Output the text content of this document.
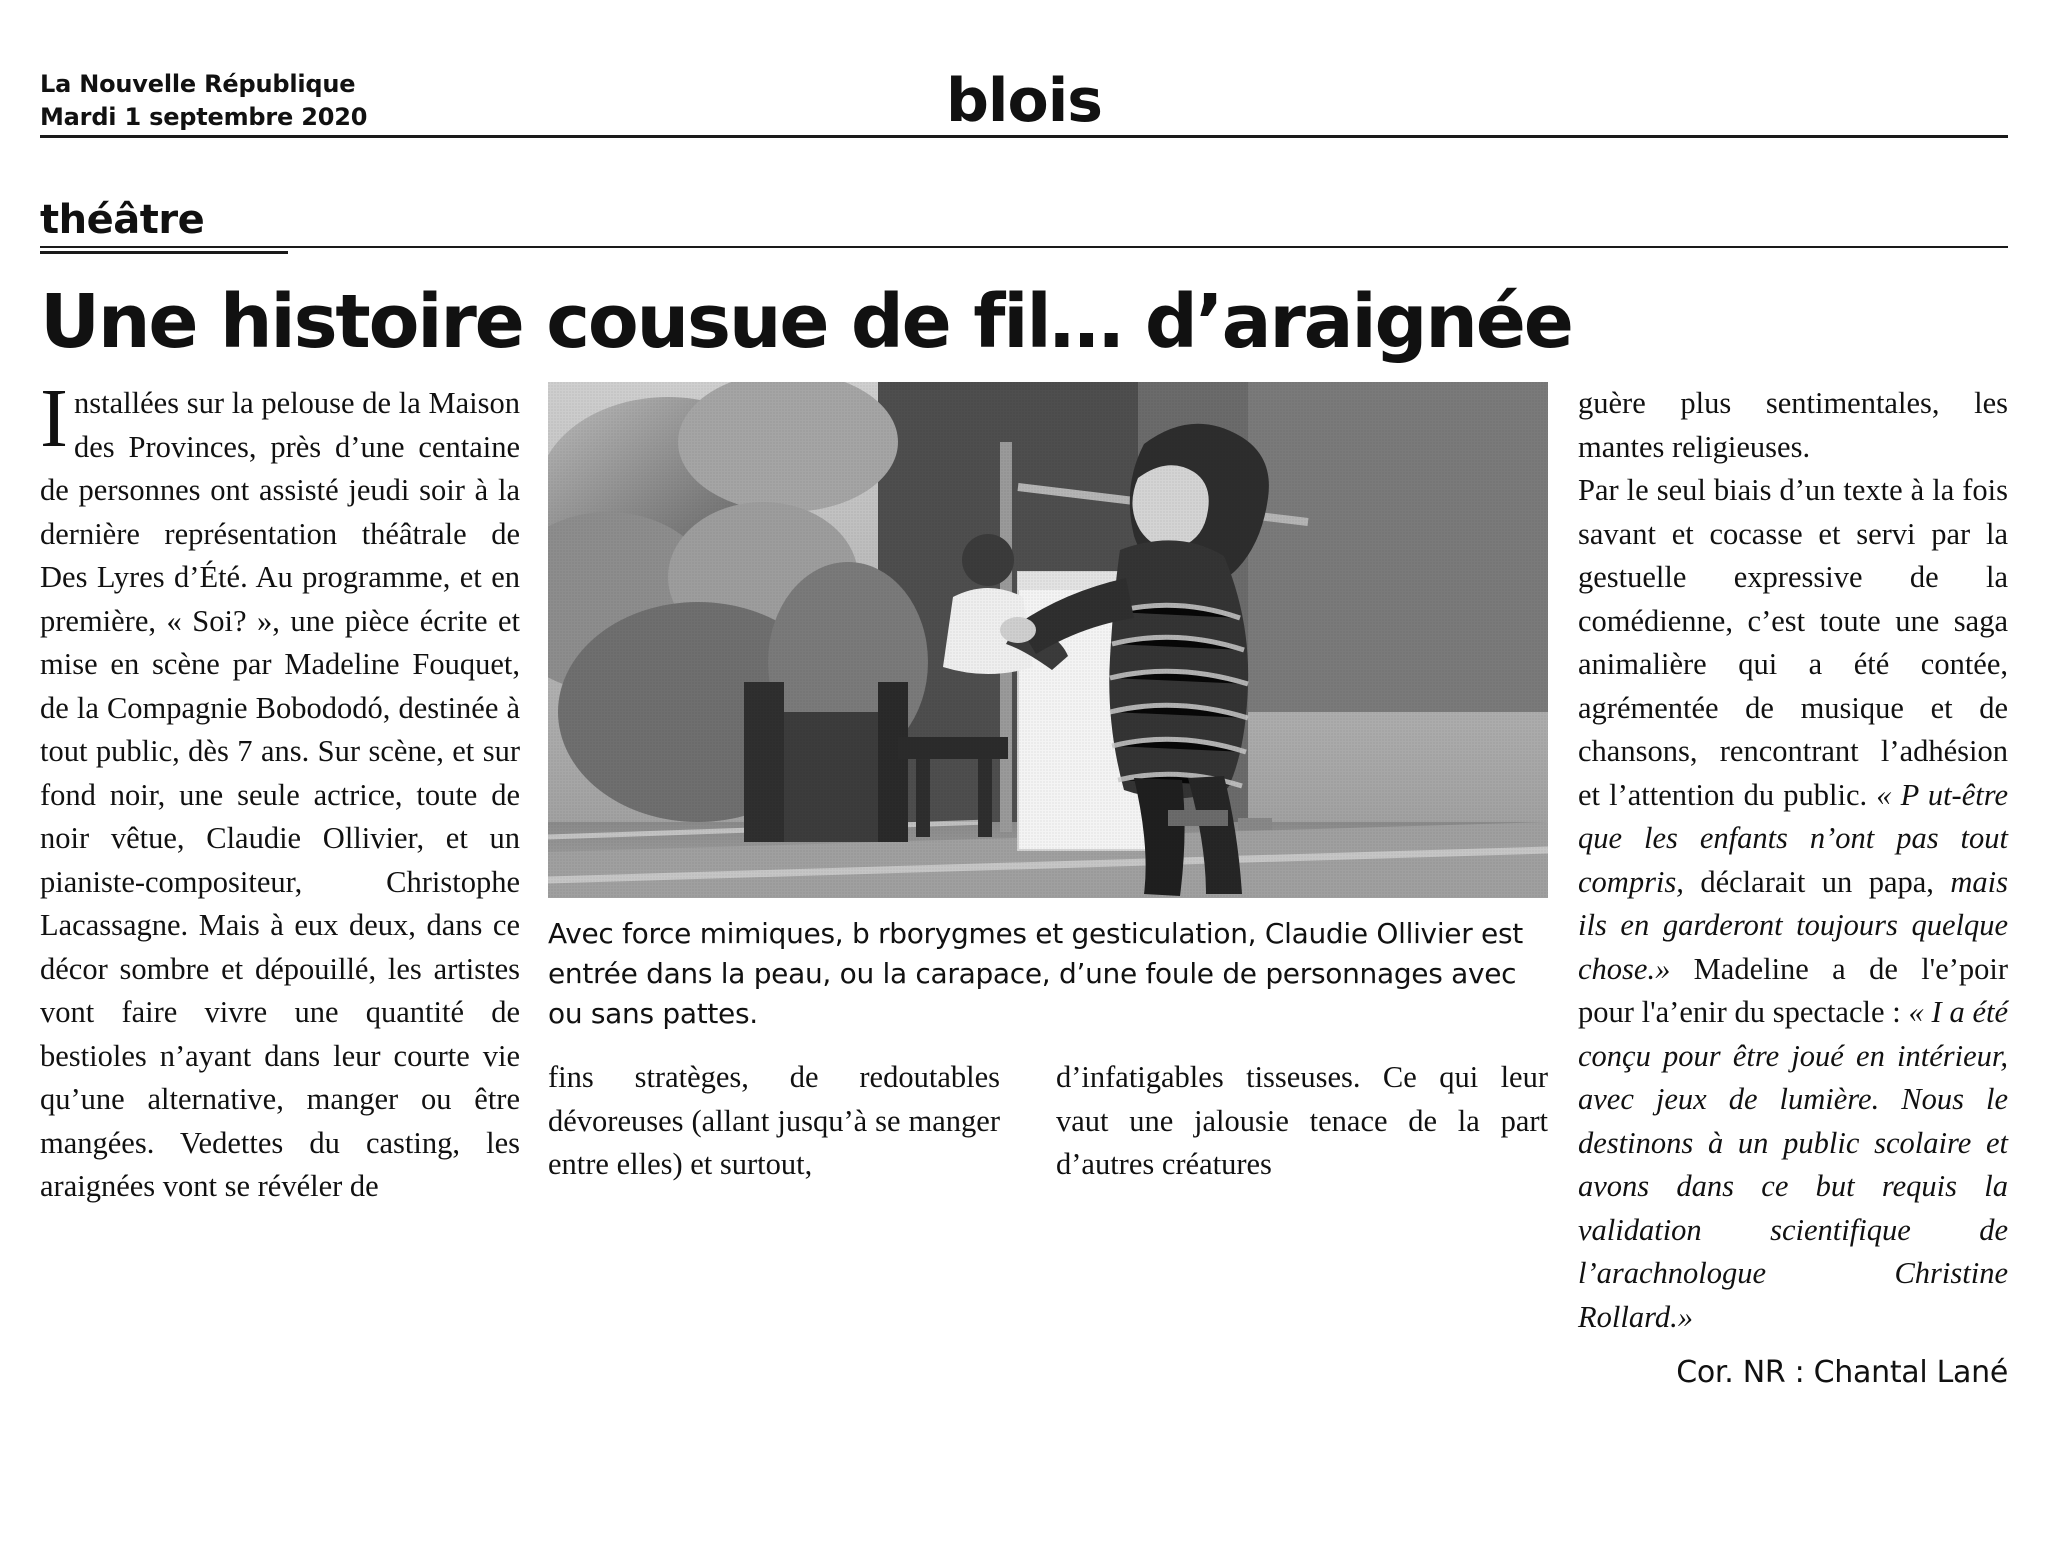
La Nouvelle République
Mardi 1 septembre 2020	blois
théâtre
Une histoire cousue de fil… d’araignée

Installées sur la pelouse de la Maison des Provinces, près d’une centaine de personnes ont assisté jeudi soir à la dernière représentation théâtrale de Des Lyres d’Été. Au programme, et en première, « Soi? », une pièce écrite et mise en scène par Madeline Fouquet, de la Compagnie Bobododó, destinée à tout public, dès 7 ans. Sur scène, et sur fond noir, une seule actrice, toute de noir vêtue, Claudie Ollivier, et un pianiste-compositeur, Christophe Lacassagne. Mais à eux deux, dans ce décor sombre et dépouillé, les artistes vont faire vivre une quantité de bestioles n’ayant dans leur courte vie qu’une alternative, manger ou être mangées. Vedettes du casting, les araignées vont se révéler de

Avec force mimiques, b rborygmes et gesticulation, Claudie Ollivier est entrée dans la peau, ou la carapace, d’une foule de personnages avec ou sans pattes.

fins stratèges, de redoutables dévoreuses (allant jusqu’à se manger entre elles) et surtout,

d’infatigables tisseuses. Ce qui leur vaut une jalousie tenace de la part d’autres créatures

guère plus sentimentales, les mantes religieuses.

Par le seul biais d’un texte à la fois savant et cocasse et servi par la gestuelle expressive de la comédienne, c’est toute une saga animalière qui a été contée, agrémentée de musique et de chansons, rencontrant l’adhésion et l’attention du public. « P ut-être que les enfants n’ont pas tout compris, déclarait un papa, mais ils en garderont toujours quelque chose.» Madeline a de l'e’poir pour l'a’enir du spectacle : « I a été conçu pour être joué en intérieur, avec jeux de lumière. Nous le destinons à un public scolaire et avons dans ce but requis la validation scientifique de l’arachnologue Christine Rollard.»

Cor. NR : Chantal Lané
